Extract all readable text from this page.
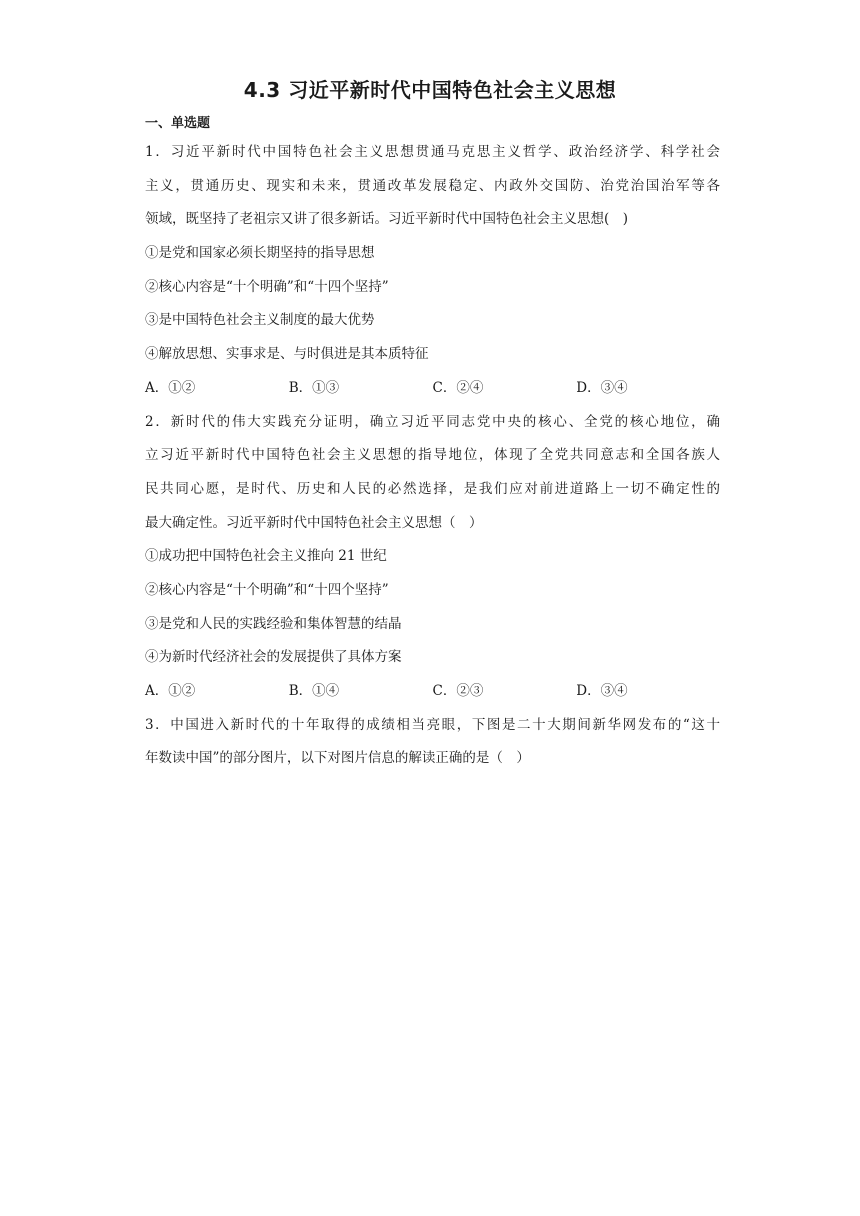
4.3 习近平新时代中国特色社会主义思想
一、单选题
1．习近平新时代中国特色社会主义思想贯通马克思主义哲学、政治经济学、科学社会
主义，贯通历史、现实和未来，贯通改革发展稳定、内政外交国防、治党治国治军等各
领域，既坚持了老祖宗又讲了很多新话。习近平新时代中国特色社会主义思想(　)
①是党和国家必须长期坚持的指导思想
②核心内容是“十个明确”和“十四个坚持”
③是中国特色社会主义制度的最大优势
④解放思想、实事求是、与时俱进是其本质特征
A．①②	B．①③	C．②④	D．③④
2．新时代的伟大实践充分证明，确立习近平同志党中央的核心、全党的核心地位，确
立习近平新时代中国特色社会主义思想的指导地位，体现了全党共同意志和全国各族人
民共同心愿，是时代、历史和人民的必然选择，是我们应对前进道路上一切不确定性的
最大确定性。习近平新时代中国特色社会主义思想（　）
①成功把中国特色社会主义推向 21 世纪
②核心内容是“十个明确”和“十四个坚持”
③是党和人民的实践经验和集体智慧的结晶
④为新时代经济社会的发展提供了具体方案
A．①②	B．①④	C．②③	D．③④
3．中国进入新时代的十年取得的成绩相当亮眼，下图是二十大期间新华网发布的“这十
年数读中国”的部分图片，以下对图片信息的解读正确的是（　）
